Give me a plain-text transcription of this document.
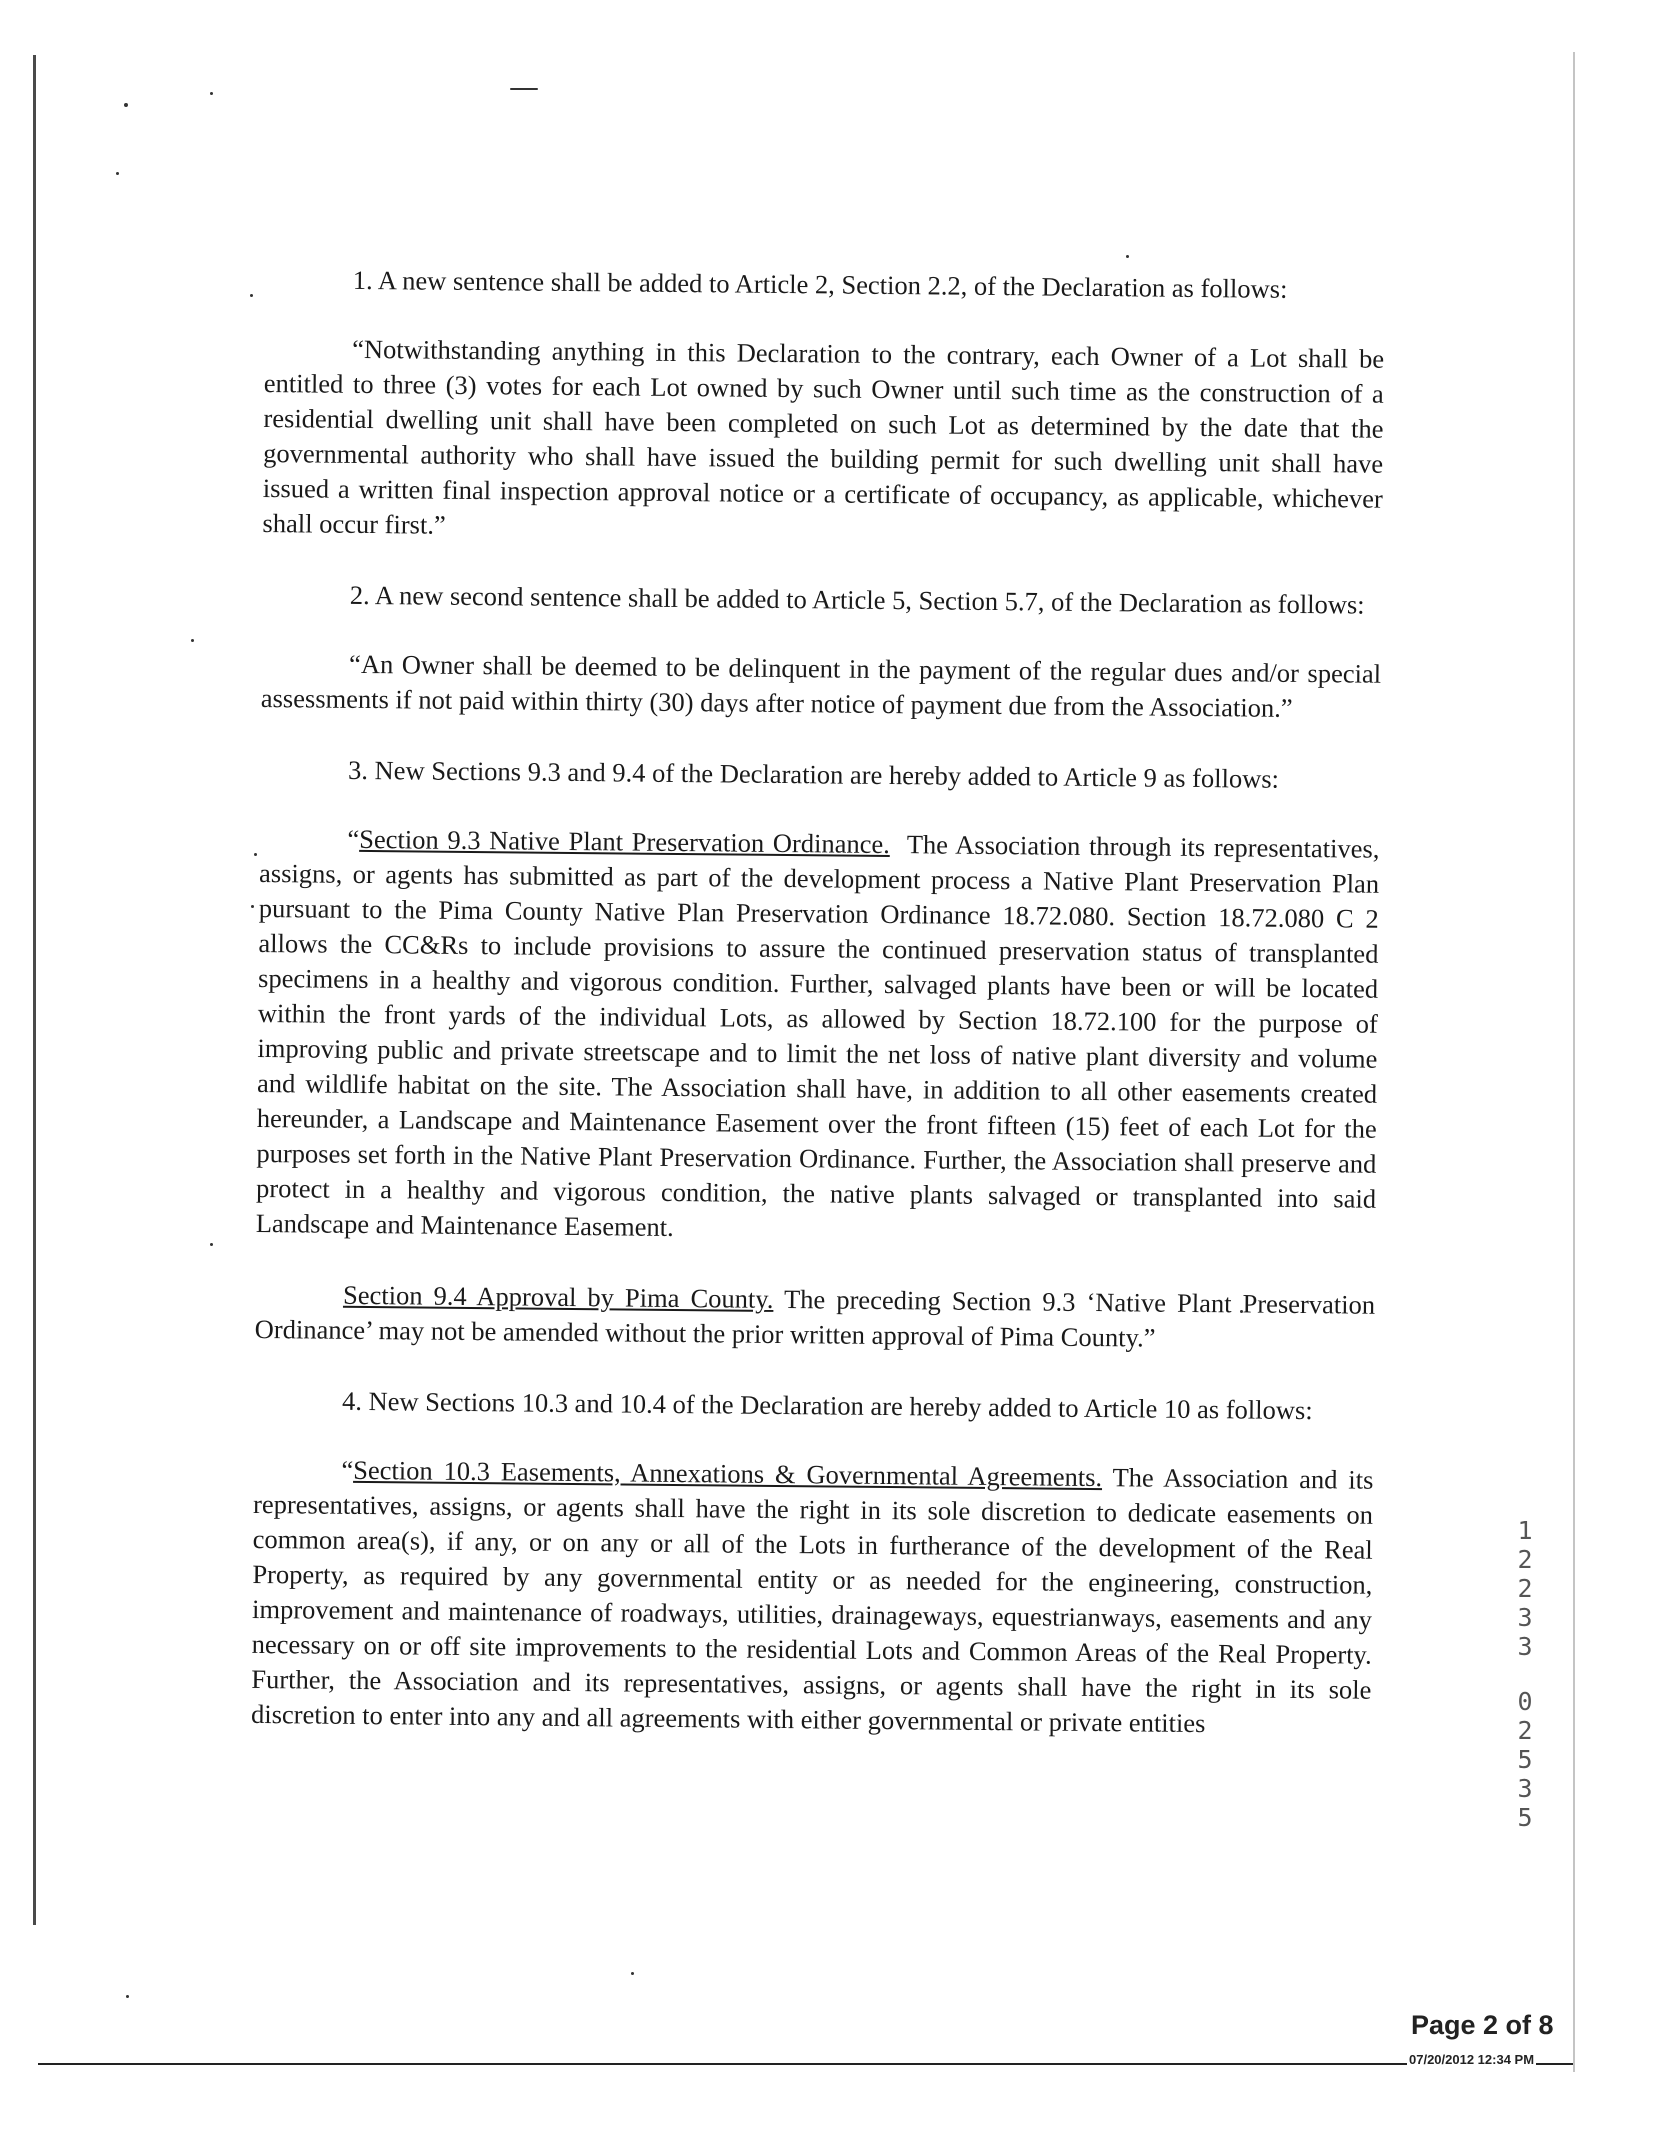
1. A new sentence shall be added to Article 2, Section 2.2, of the Declaration as follows:

“Notwithstanding anything in this Declaration to the contrary, each Owner of a Lot shall be entitled to three (3) votes for each Lot owned by such Owner until such time as the construction of a residential dwelling unit shall have been completed on such Lot as determined by the date that the governmental authority who shall have issued the building permit for such dwelling unit shall have issued a written final inspection approval notice or a certificate of occupancy, as applicable, whichever shall occur first.”

2. A new second sentence shall be added to Article 5, Section 5.7, of the Declaration as follows:

“An Owner shall be deemed to be delinquent in the payment of the regular dues and/or special assessments if not paid within thirty (30) days after notice of payment due from the Association.”

3. New Sections 9.3 and 9.4 of the Declaration are hereby added to Article 9 as follows:

“Section 9.3 Native Plant Preservation Ordinance. The Association through its representatives, assigns, or agents has submitted as part of the development process a Native Plant Preservation Plan pursuant to the Pima County Native Plan Preservation Ordinance 18.72.080. Section 18.72.080 C 2 allows the CC&Rs to include provisions to assure the continued preservation status of transplanted specimens in a healthy and vigorous condition. Further, salvaged plants have been or will be located within the front yards of the individual Lots, as allowed by Section 18.72.100 for the purpose of improving public and private streetscape and to limit the net loss of native plant diversity and volume and wildlife habitat on the site. The Association shall have, in addition to all other easements created hereunder, a Landscape and Maintenance Easement over the front fifteen (15) feet of each Lot for the purposes set forth in the Native Plant Preservation Ordinance. Further, the Association shall preserve and protect in a healthy and vigorous condition, the native plants salvaged or transplanted into said Landscape and Maintenance Easement.

Section 9.4 Approval by Pima County. The preceding Section 9.3 ‘Native Plant Preservation Ordinance’ may not be amended without the prior written approval of Pima County.”

4. New Sections 10.3 and 10.4 of the Declaration are hereby added to Article 10 as follows:

“Section 10.3 Easements, Annexations & Governmental Agreements. The Association and its representatives, assigns, or agents shall have the right in its sole discretion to dedicate easements on common area(s), if any, or on any or all of the Lots in furtherance of the development of the Real Property, as required by any governmental entity or as needed for the engineering, construction, improvement and maintenance of roadways, utilities, drainageways, equestrianways, easements and any necessary on or off site improvements to the residential Lots and Common Areas of the Real Property. Further, the Association and its representatives, assigns, or agents shall have the right in its sole discretion to enter into any and all agreements with either governmental or private entities

1
2
2
3
3
0
2
5
3
5
Page 2 of 8
07/20/2012 12:34 PM
